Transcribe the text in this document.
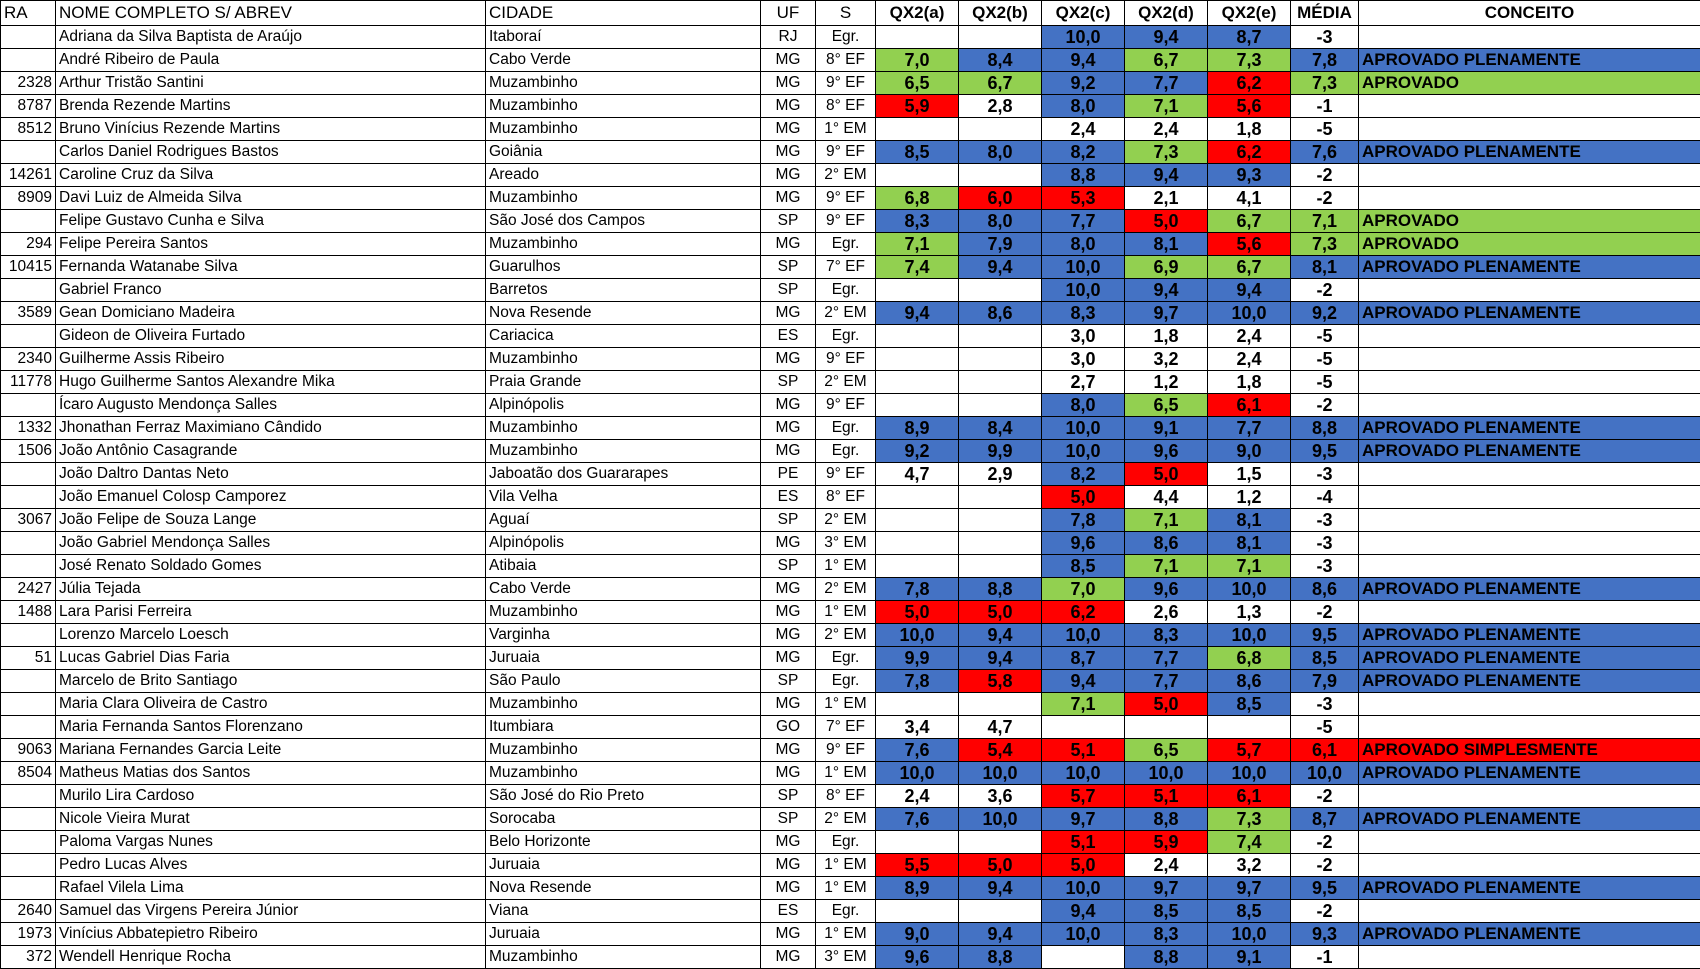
RA	NOME COMPLETO S/ ABREV	CIDADE	UF	S	QX2(a)	QX2(b)	QX2(c)	QX2(d)	QX2(e)	MÉDIA	CONCEITO
	Adriana da Silva Baptista de Araújo	Itaboraí	RJ	Egr.			10,0	9,4	8,7	-3	
	André Ribeiro de Paula	Cabo Verde	MG	8° EF	7,0	8,4	9,4	6,7	7,3	7,8	APROVADO PLENAMENTE
2328	Arthur Tristão Santini	Muzambinho	MG	9° EF	6,5	6,7	9,2	7,7	6,2	7,3	APROVADO
8787	Brenda Rezende Martins	Muzambinho	MG	8° EF	5,9	2,8	8,0	7,1	5,6	-1	
8512	Bruno Vinícius Rezende Martins	Muzambinho	MG	1° EM			2,4	2,4	1,8	-5	
	Carlos Daniel Rodrigues Bastos	Goiânia	MG	9° EF	8,5	8,0	8,2	7,3	6,2	7,6	APROVADO PLENAMENTE
14261	Caroline Cruz da Silva	Areado	MG	2° EM			8,8	9,4	9,3	-2	
8909	Davi Luiz de Almeida Silva	Muzambinho	MG	9° EF	6,8	6,0	5,3	2,1	4,1	-2	
	Felipe Gustavo Cunha e Silva	São José dos Campos	SP	9° EF	8,3	8,0	7,7	5,0	6,7	7,1	APROVADO
294	Felipe Pereira Santos	Muzambinho	MG	Egr.	7,1	7,9	8,0	8,1	5,6	7,3	APROVADO
10415	Fernanda Watanabe Silva	Guarulhos	SP	7° EF	7,4	9,4	10,0	6,9	6,7	8,1	APROVADO PLENAMENTE
	Gabriel Franco	Barretos	SP	Egr.			10,0	9,4	9,4	-2	
3589	Gean Domiciano Madeira	Nova Resende	MG	2° EM	9,4	8,6	8,3	9,7	10,0	9,2	APROVADO PLENAMENTE
	Gideon de Oliveira Furtado	Cariacica	ES	Egr.			3,0	1,8	2,4	-5	
2340	Guilherme Assis Ribeiro	Muzambinho	MG	9° EF			3,0	3,2	2,4	-5	
11778	Hugo Guilherme Santos Alexandre Mika	Praia Grande	SP	2° EM			2,7	1,2	1,8	-5	
	Ícaro Augusto Mendonça Salles	Alpinópolis	MG	9° EF			8,0	6,5	6,1	-2	
1332	Jhonathan Ferraz Maximiano Cândido	Muzambinho	MG	Egr.	8,9	8,4	10,0	9,1	7,7	8,8	APROVADO PLENAMENTE
1506	João Antônio Casagrande	Muzambinho	MG	Egr.	9,2	9,9	10,0	9,6	9,0	9,5	APROVADO PLENAMENTE
	João Daltro Dantas Neto	Jaboatão dos Guararapes	PE	9° EF	4,7	2,9	8,2	5,0	1,5	-3	
	João Emanuel Colosp Camporez	Vila Velha	ES	8° EF			5,0	4,4	1,2	-4	
3067	João Felipe de Souza Lange	Aguaí	SP	2° EM			7,8	7,1	8,1	-3	
	João Gabriel Mendonça Salles	Alpinópolis	MG	3° EM			9,6	8,6	8,1	-3	
	José Renato Soldado Gomes	Atibaia	SP	1° EM			8,5	7,1	7,1	-3	
2427	Júlia Tejada	Cabo Verde	MG	2° EM	7,8	8,8	7,0	9,6	10,0	8,6	APROVADO PLENAMENTE
1488	Lara Parisi Ferreira	Muzambinho	MG	1° EM	5,0	5,0	6,2	2,6	1,3	-2	
	Lorenzo Marcelo Loesch	Varginha	MG	2° EM	10,0	9,4	10,0	8,3	10,0	9,5	APROVADO PLENAMENTE
51	Lucas Gabriel Dias Faria	Juruaia	MG	Egr.	9,9	9,4	8,7	7,7	6,8	8,5	APROVADO PLENAMENTE
	Marcelo de Brito Santiago	São Paulo	SP	Egr.	7,8	5,8	9,4	7,7	8,6	7,9	APROVADO PLENAMENTE
	Maria Clara Oliveira de Castro	Muzambinho	MG	1° EM			7,1	5,0	8,5	-3	
	Maria Fernanda Santos Florenzano	Itumbiara	GO	7° EF	3,4	4,7				-5	
9063	Mariana Fernandes Garcia Leite	Muzambinho	MG	9° EF	7,6	5,4	5,1	6,5	5,7	6,1	APROVADO SIMPLESMENTE
8504	Matheus Matias dos Santos	Muzambinho	MG	1° EM	10,0	10,0	10,0	10,0	10,0	10,0	APROVADO PLENAMENTE
	Murilo Lira Cardoso	São José do Rio Preto	SP	8° EF	2,4	3,6	5,7	5,1	6,1	-2	
	Nicole Vieira Murat	Sorocaba	SP	2° EM	7,6	10,0	9,7	8,8	7,3	8,7	APROVADO PLENAMENTE
	Paloma Vargas Nunes	Belo Horizonte	MG	Egr.			5,1	5,9	7,4	-2	
	Pedro Lucas Alves	Juruaia	MG	1° EM	5,5	5,0	5,0	2,4	3,2	-2	
	Rafael Vilela Lima	Nova Resende	MG	1° EM	8,9	9,4	10,0	9,7	9,7	9,5	APROVADO PLENAMENTE
2640	Samuel das Virgens Pereira Júnior	Viana	ES	Egr.			9,4	8,5	8,5	-2	
1973	Vinícius Abbatepietro Ribeiro	Juruaia	MG	1° EM	9,0	9,4	10,0	8,3	10,0	9,3	APROVADO PLENAMENTE
372	Wendell Henrique Rocha	Muzambinho	MG	3° EM	9,6	8,8		8,8	9,1	-1	
